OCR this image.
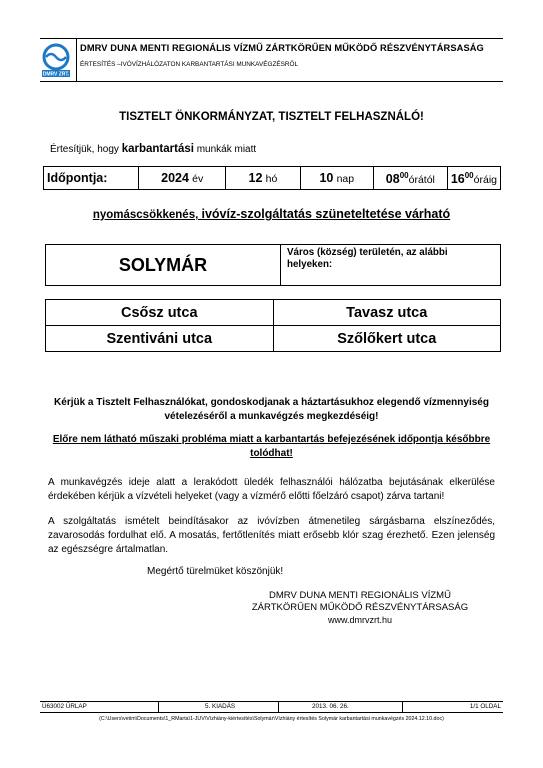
DMRV ZRT.
DMRV DUNA MENTI REGIONÁLIS VÍZMŰ ZÁRTKÖRŰEN MŰKÖDŐ RÉSZVÉNYTÁRSASÁG
ÉRTESÍTÉS –IVÓVÍZHÁLÓZATON KARBANTARTÁSI MUNKAVÉGZÉSRŐL
TISZTELT ÖNKORMÁNYZAT, TISZTELT FELHASZNÁLÓ!
Értesítjük, hogy karbantartási munkák miatt
Időpontja:	2024 év	12 hó	10 nap	$08^{00}órától$	$16^{00}óráig$
nyomáscsökkenés, ivóvíz-szolgáltatás szüneteltetése várható
SOLYMÁR	Város (község) területén, az alábbi helyeken:
Csősz utca	Tavasz utca
Szentiváni utca	Szőlőkert utca
Kérjük a Tisztelt Felhasználókat, gondoskodjanak a háztartásukhoz elegendő vízmennyiség vételezéséről a munkavégzés megkezdéséig!
Előre nem látható műszaki probléma miatt a karbantartás befejezésének időpontja későbbre tolódhat!
A munkavégzés ideje alatt a lerakódott üledék felhasználói hálózatba bejutásának elkerülése érdekében kérjük a vízvételi helyeket (vagy a vízmérő előtti főelzáró csapot) zárva tartani!
A szolgáltatás ismételt beindításakor az ivóvízben átmenetileg sárgásbarna elszíneződés, zavarosodás fordulhat elő. A mosatás, fertőtlenítés miatt erősebb klór szag érezhető. Ezen jelenség az egészségre ártalmatlan.
Megértő türelmüket köszönjük!
DMRV DUNA MENTI REGIONÁLIS VÍZMŰ
ZÁRTKÖRŰEN MŰKÖDŐ RÉSZVÉNYTÁRSASÁG
www.dmrvzrt.hu
Ü63002 ŰRLAP	5. KIADÁS	2013. 06. 26.	1/1 OLDAL
(C:\Users\vetim\Documents\1_RMarta\1-JUV\Vízhiány-kiértesítés\Solymár\Vízhiány értesítés Solymár karbantartási munkavégzés 2024.12.10.doc)
